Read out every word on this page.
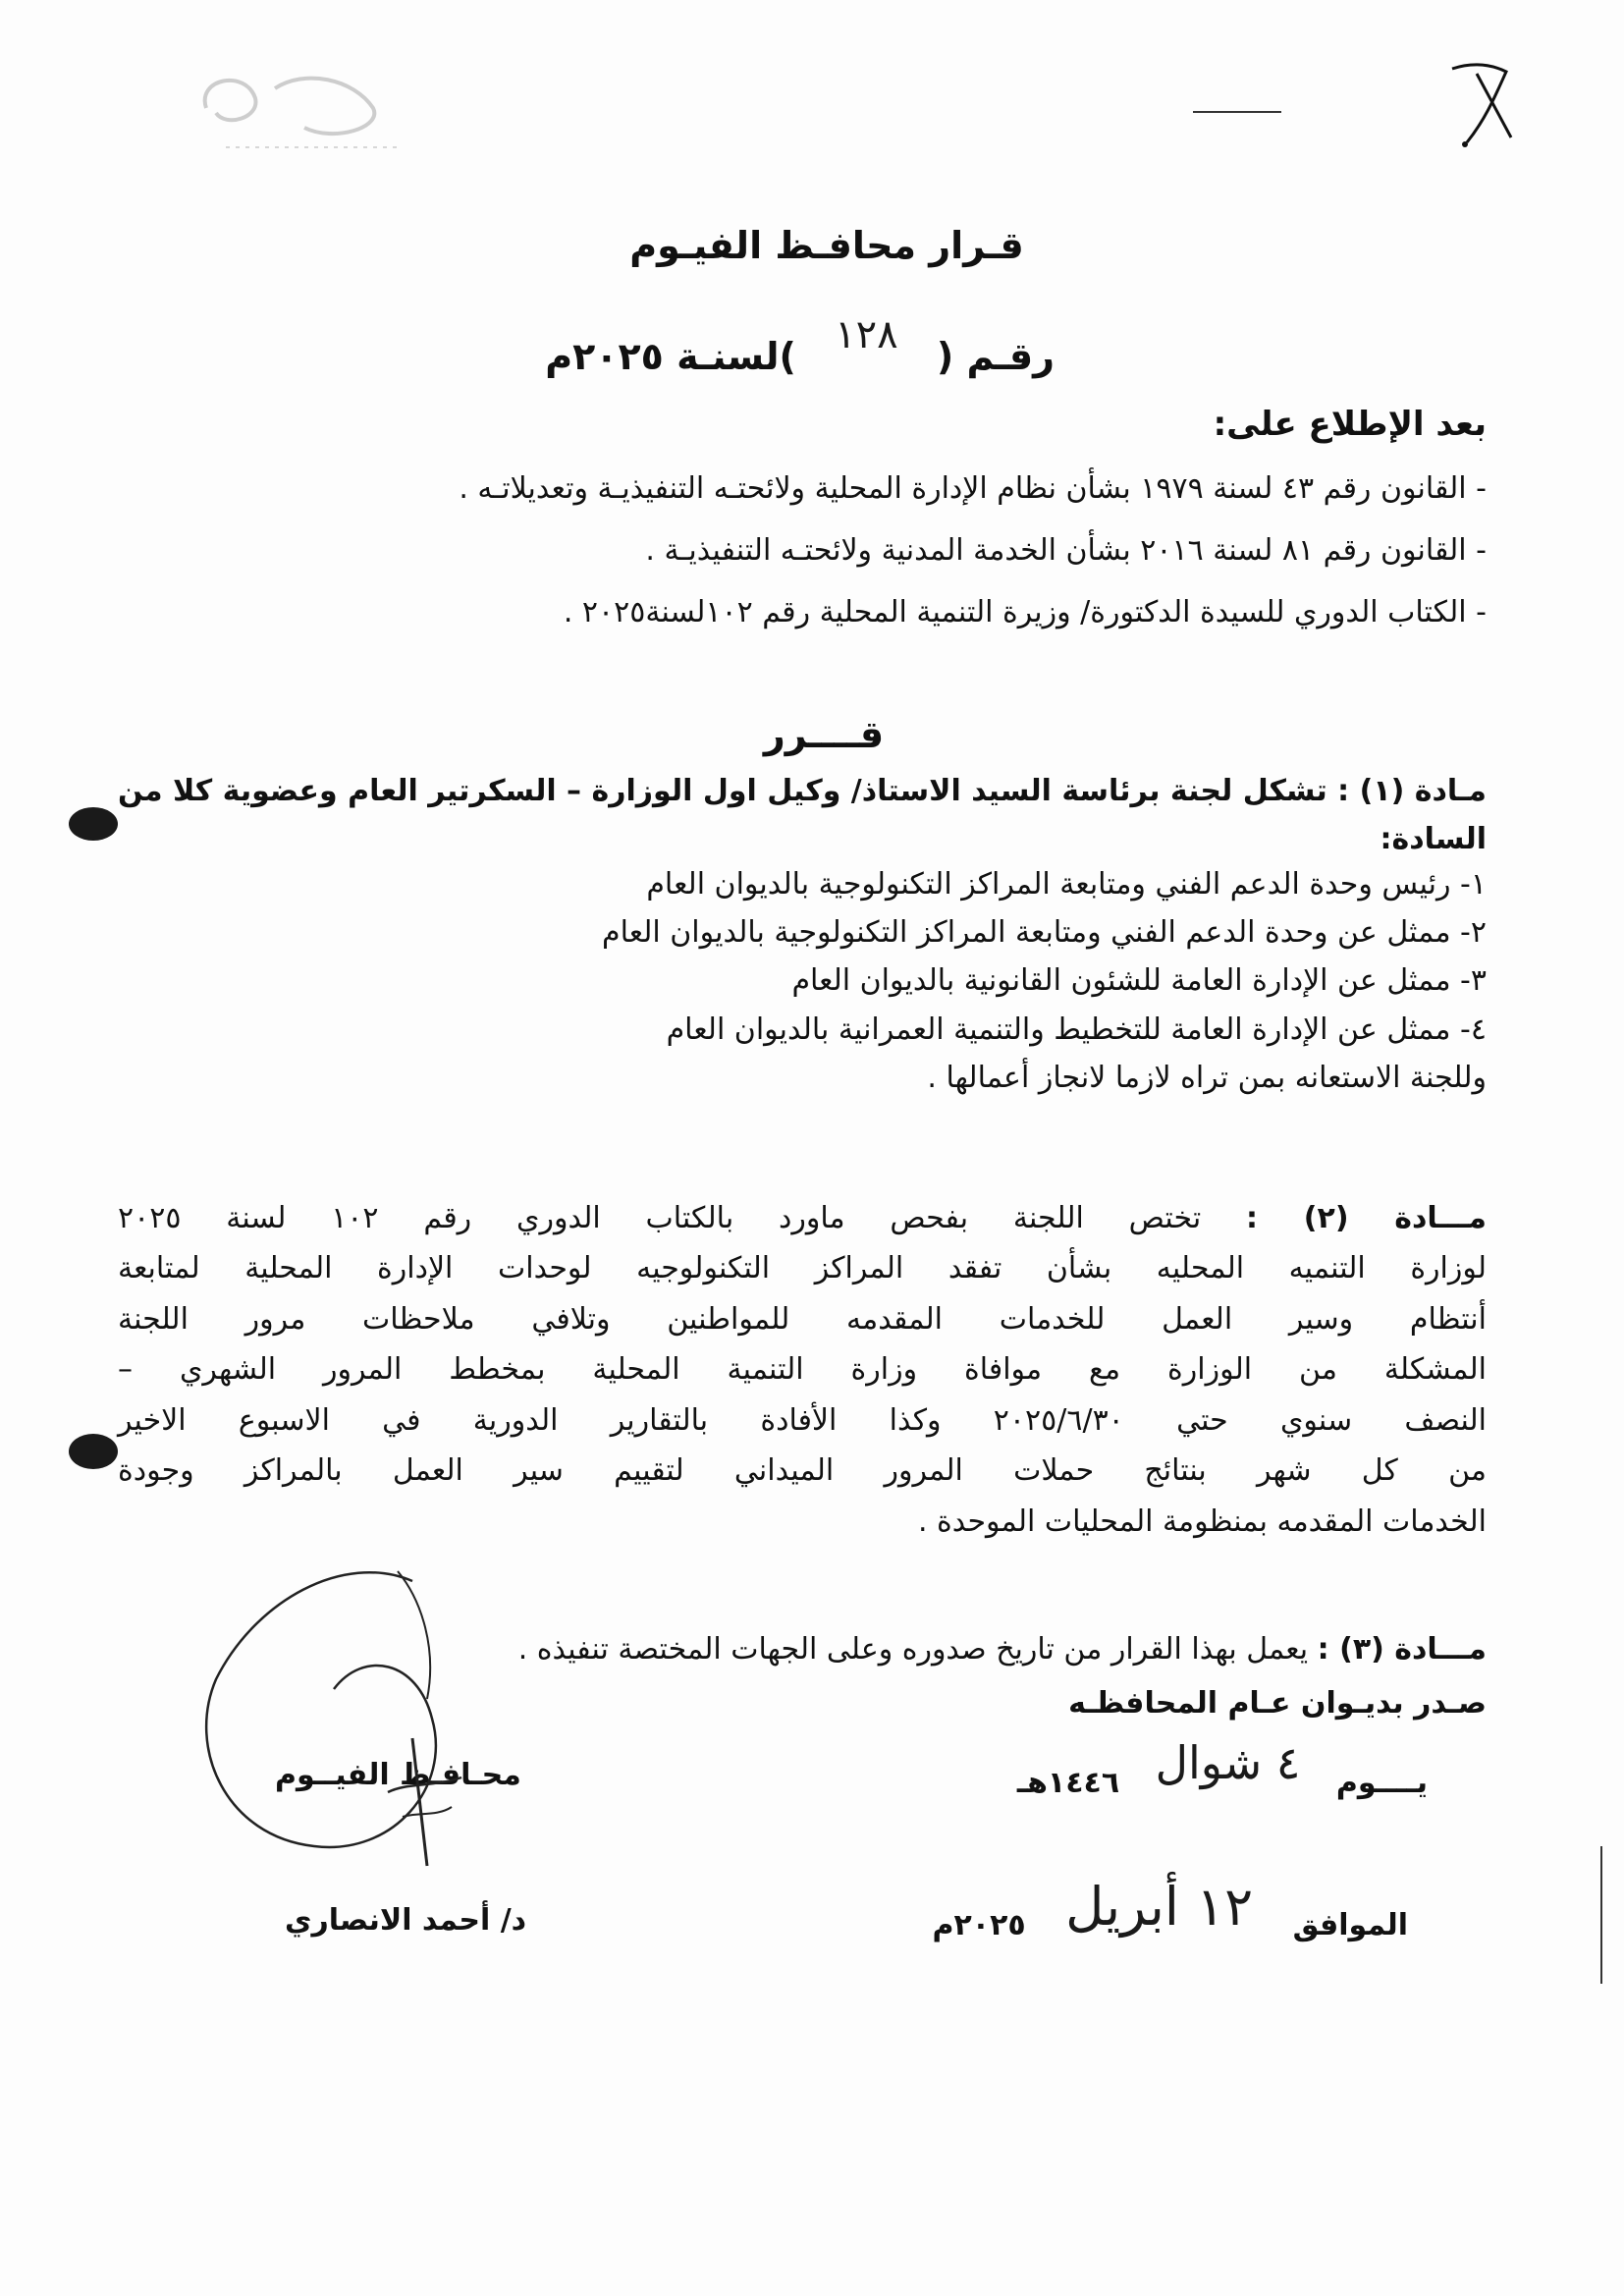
قـرار محافـظ الفيـوم
رقـم ( ١٢٨ )لسنـة ٢٠٢٥م
بعد الإطلاع على:
- القانون رقم ٤٣ لسنة ١٩٧٩ بشأن نظام الإدارة المحلية ولائحتـه التنفيذيـة وتعديلاتـه .
- القانون رقم ٨١ لسنة ٢٠١٦ بشأن الخدمة المدنية ولائحتـه التنفيذيـة .
- الكتاب الدوري للسيدة الدكتورة/ وزيرة التنمية المحلية رقم ١٠٢لسنة٢٠٢٥ .
قــــرر
مـادة (١) : تشكل لجنة برئاسة السيد الاستاذ/ وكيل اول الوزارة – السكرتير العام وعضوية كلا من
السادة:
١- رئيس وحدة الدعم الفني ومتابعة المراكز التكنولوجية بالديوان العام
٢- ممثل عن وحدة الدعم الفني ومتابعة المراكز التكنولوجية بالديوان العام
٣- ممثل عن الإدارة العامة للشئون القانونية بالديوان العام
٤- ممثل عن الإدارة العامة للتخطيط والتنمية العمرانية بالديوان العام
وللجنة الاستعانه بمن تراه لازما لانجاز أعمالها .
مـــادة (٢) : تختص اللجنة بفحص ماورد بالكتاب الدوري رقم ١٠٢ لسنة ٢٠٢٥
لوزارة التنميه المحليه بشأن تفقد المراكز التكنولوجيه لوحدات الإدارة المحلية لمتابعة
أنتظام وسير العمل للخدمات المقدمه للمواطنين وتلافي ملاحظات مرور اللجنة
المشكلة من الوزارة مع موافاة وزارة التنمية المحلية بمخطط المرور الشهري –
النصف سنوي حتي ٢٠٢٥/٦/٣٠ وكذا الأفادة بالتقارير الدورية في الاسبوع الاخير
من كل شهر بنتائج حملات المرور الميداني لتقييم سير العمل بالمراكز وجودة
الخدمات المقدمه بمنظومة المحليات الموحدة .
مـــادة (٣) : يعمل بهذا القرار من تاريخ صدوره وعلى الجهات المختصة تنفيذه .
صـدر بديـوان عـام المحافظـه
يــــوم ٤ شوال ١٤٤٦هـ
الموافق ١٢ أبريل ٢٠٢٥م
محـافـظ الفيــوم
د/ أحمد الانصاري
